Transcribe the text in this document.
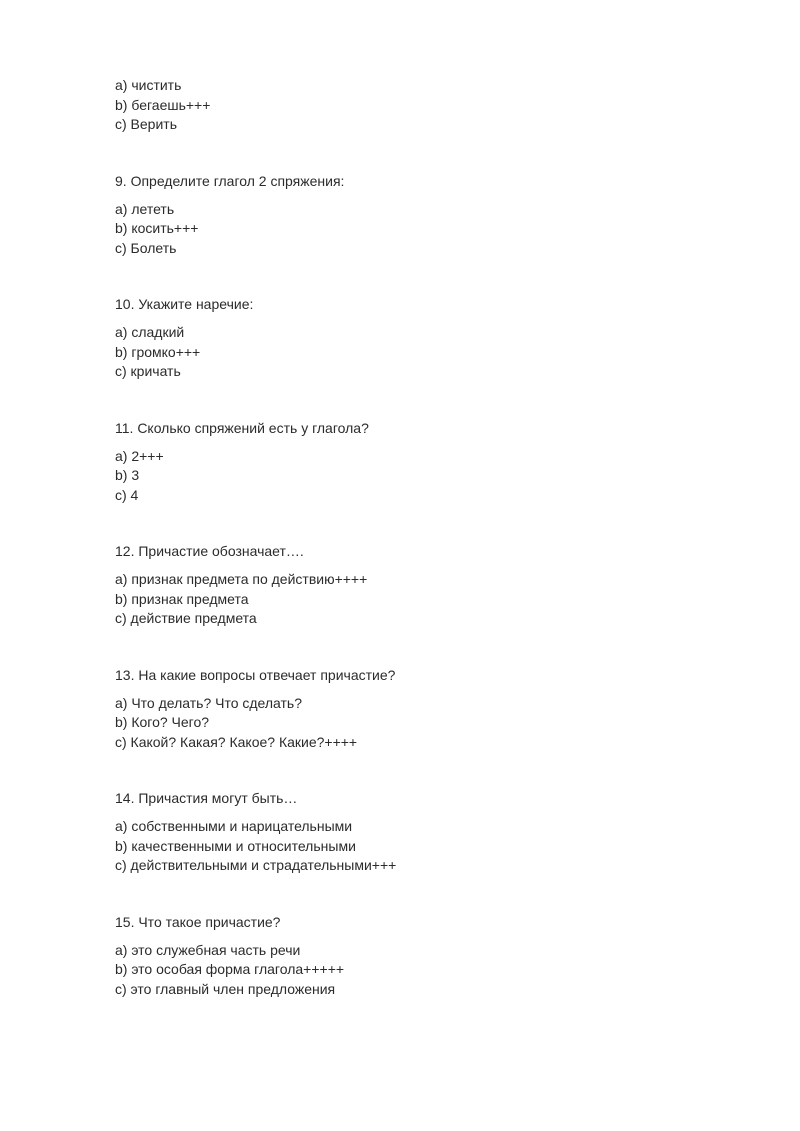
a) чистить
b) бегаешь+++
c) Верить

9. Определите глагол 2 спряжения:

a) лететь
b) косить+++
c) Болеть

10. Укажите наречие:

a) сладкий
b) громко+++
c) кричать

11. Сколько спряжений есть у глагола?

a) 2+++
b) 3
c) 4

12. Причастие обозначает….

a) признак предмета по действию++++
b) признак предмета
c) действие предмета

13. На какие вопросы отвечает причастие?

a) Что делать? Что сделать?
b) Кого? Чего?
c) Какой? Какая? Какое? Какие?++++

14. Причастия могут быть…

a) собственными и нарицательными
b) качественными и относительными
c) действительными и страдательными+++

15. Что такое причастие?

a) это служебная часть речи
b) это особая форма глагола+++++
c) это главный член предложения
